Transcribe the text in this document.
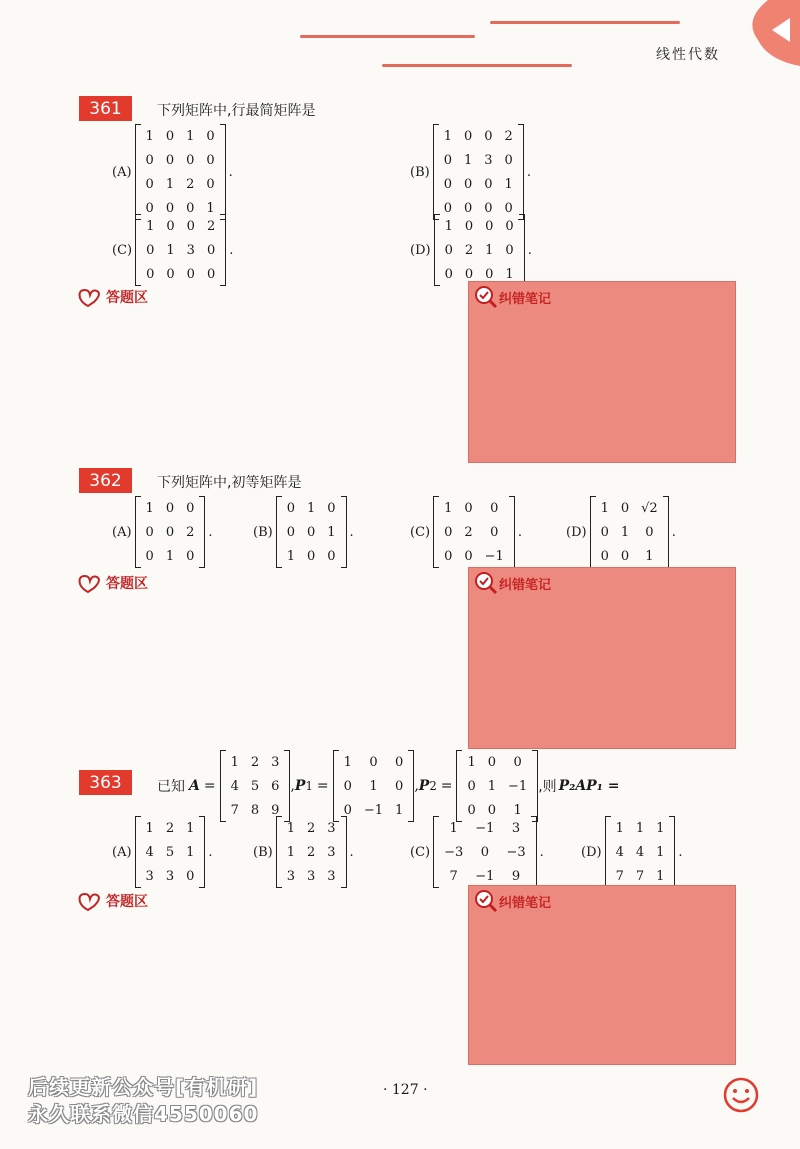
线性代数
361	下列矩阵中,行最简矩阵是
(A)
1	0	1	0
0	0	0	0
0	1	2	0
0	0	0	1
.	(B)
1	0	0	2
0	1	3	0
0	0	0	1
0	0	0	0
.
(C)
1	0	0	2
0	1	3	0
0	0	0	0
.	(D)
1	0	0	0
0	2	1	0
0	0	0	1
.
答题区	纠错笔记
362	下列矩阵中,初等矩阵是
(A)
1	0	0
0	0	2
0	1	0
.	(B)
0	1	0
0	0	1
1	0	0
.	(C)
1	0	0
0	2	0
0	0	−1
.	(D)
1	0	√2
0	1	0
0	0	1
.
答题区	纠错笔记
363	已知 A =
1	2	3
4	5	6
7	8	9
, P 1 =
1	0	0
0	1	0
0	−1	1
, P 2 =
1	0	0
0	1	−1
0	0	1
,则 P₂AP₁ =
(A)
1	2	1
4	5	1
3	3	0
.	(B)
1	2	3
1	2	3
3	3	3
.	(C)
1	−1	3
−3	0	−3
7	−1	9
.	(D)
1	1	1
4	4	1
7	7	1
.
答题区	纠错笔记
后续更新公众号[有机研]
永久联系微信4550060
· 127 ·
